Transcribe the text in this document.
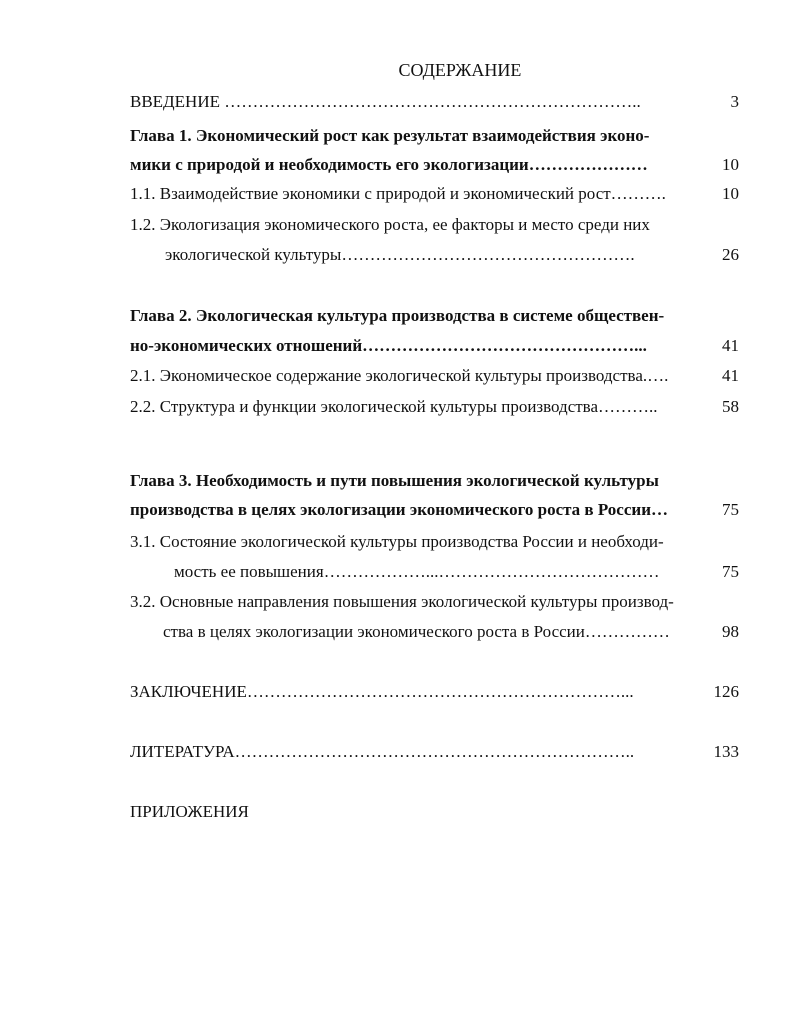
СОДЕРЖАНИЕ
ВВЕДЕНИЕ ………………………………………………………………..	3
Глава 1. Экономический рост как результат взаимодействия эконо-
мики с природой и необходимость его экологизации…………………	10
1.1. Взаимодействие экономики с природой и экономический рост……….	10
1.2. Экологизация экономического роста, ее факторы и место среди них
экологической культуры…………………………………………….	26
Глава 2. Экологическая культура производства в системе обществен-
но-экономических отношений…………………………………………...	41
2.1. Экономическое содержание экологической культуры производства.….	41
2.2. Структура и функции экологической культуры производства………..	58
Глава 3. Необходимость и пути повышения экологической культуры
производства в целях экологизации экономического роста в России…	75
3.1. Состояние экологической культуры производства России и необходи-
мость ее повышения………………...…………………………………	75
3.2. Основные направления повышения экологической культуры производ-
ства в целях экологизации экономического роста в России……………	98
ЗАКЛЮЧЕНИЕ…………………………………………………………...	126
ЛИТЕРАТУРА……………………………………………………………..	133
ПРИЛОЖЕНИЯ
